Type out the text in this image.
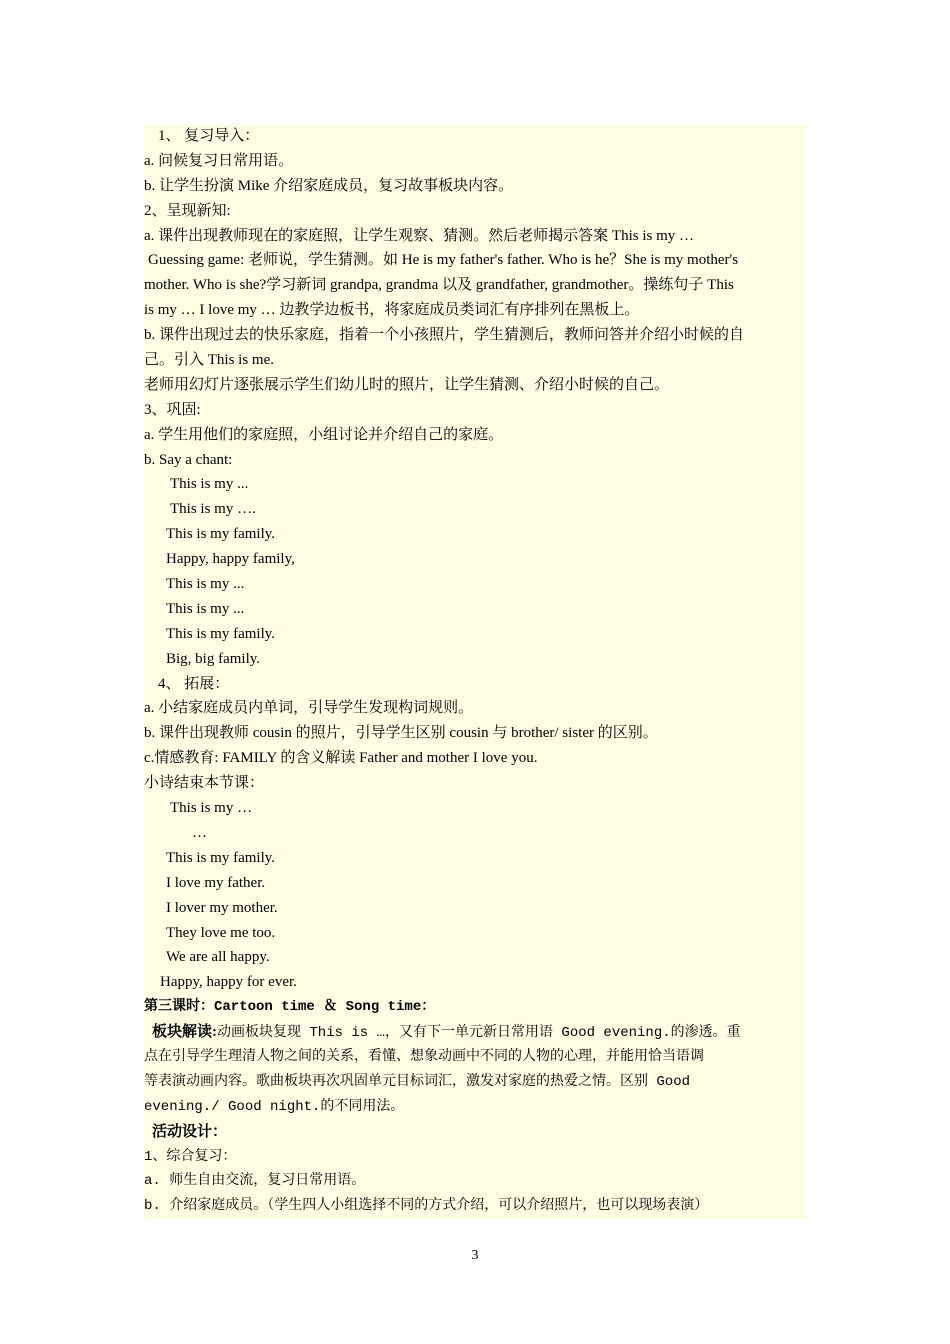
1、 复习导入：
a. 问候复习日常用语。
b. 让学生扮演 Mike 介绍家庭成员，复习故事板块内容。
2、呈现新知:
a. 课件出现教师现在的家庭照，让学生观察、猜测。然后老师揭示答案 This is my …
Guessing game: 老师说，学生猜测。如 He is my father's father. Who is he？She is my mother's
mother. Who is she?学习新词 grandpa, grandma 以及 grandfather, grandmother。操练句子 This
is my … I love my … 边教学边板书，将家庭成员类词汇有序排列在黑板上。
b. 课件出现过去的快乐家庭，指着一个小孩照片，学生猜测后，教师问答并介绍小时候的自
己。引入 This is me.
老师用幻灯片逐张展示学生们幼儿时的照片，让学生猜测、介绍小时候的自己。
3、巩固:
a. 学生用他们的家庭照，小组讨论并介绍自己的家庭。
b. Say a chant:
This is my ...
This is my ….
This is my family.
Happy, happy family,
This is my ...
This is my ...
This is my family.
Big, big family.
4、 拓展：
a. 小结家庭成员内单词，引导学生发现构词规则。
b. 课件出现教师 cousin 的照片，引导学生区别 cousin 与 brother/ sister 的区别。
c.情感教育: FAMILY 的含义解读 Father and mother I love you.
小诗结束本节课：
This is my …
…
This is my family.
I love my father.
I lover my mother.
They love me too.
We are all happy.
Happy, happy for ever.
第三课时：Cartoon time ＆ Song time：
板块解读:动画板块复现 This is …，又有下一单元新日常用语 Good evening.的渗透。重
点在引导学生理清人物之间的关系，看懂、想象动画中不同的人物的心理，并能用恰当语调
等表演动画内容。歌曲板块再次巩固单元目标词汇，激发对家庭的热爱之情。区别 Good
evening./ Good night.的不同用法。
活动设计：
1、综合复习：
a. 师生自由交流，复习日常用语。
b. 介绍家庭成员。（学生四人小组选择不同的方式介绍，可以介绍照片，也可以现场表演）
3
